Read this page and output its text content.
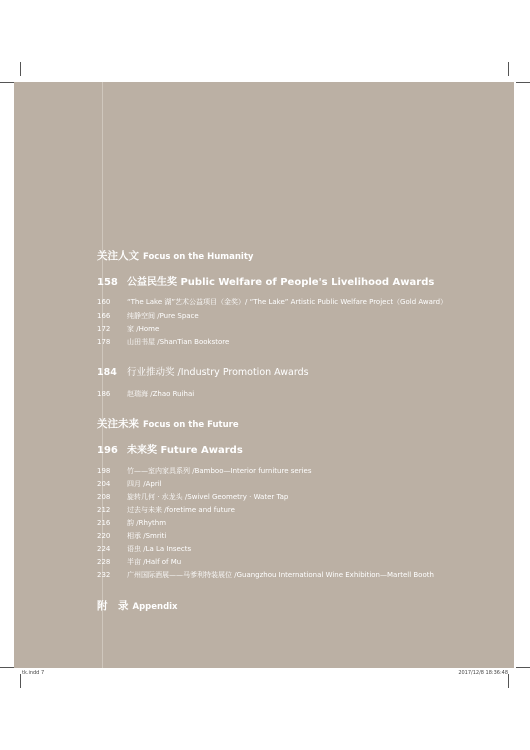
关注人文 Focus on the Humanity
158 公益民生奖 Public Welfare of People's Livelihood Awards
160 “The Lake 湖”艺术公益项目（金奖）/ “The Lake” Artistic Public Welfare Project（Gold Award）
166 纯静空间 /Pure Space
172 家 /Home
178 山田书屋 /ShanTian Bookstore
184 行业推动奖 /Industry Promotion Awards
186 赵瑞海 /Zhao Ruihai
关注未来 Focus on the Future
196 未来奖 Future Awards
198 竹——室内家具系列 /Bamboo—Interior furniture series
204 四月 /April
208 旋转几何 · 水龙头 /Swivel Geometry · Water Tap
212 过去与未来 /foretime and future
216 韵 /Rhythm
220 相承 /Smriti
224 语虫 /La La Insects
228 半亩 /Half of Mu
232 广州国际酒展——马爹利特装展位 /Guangzhou International Wine Exhibition—Martell Booth
附　录 Appendix
tk.indd 7	2017/12/8 18:36:48
